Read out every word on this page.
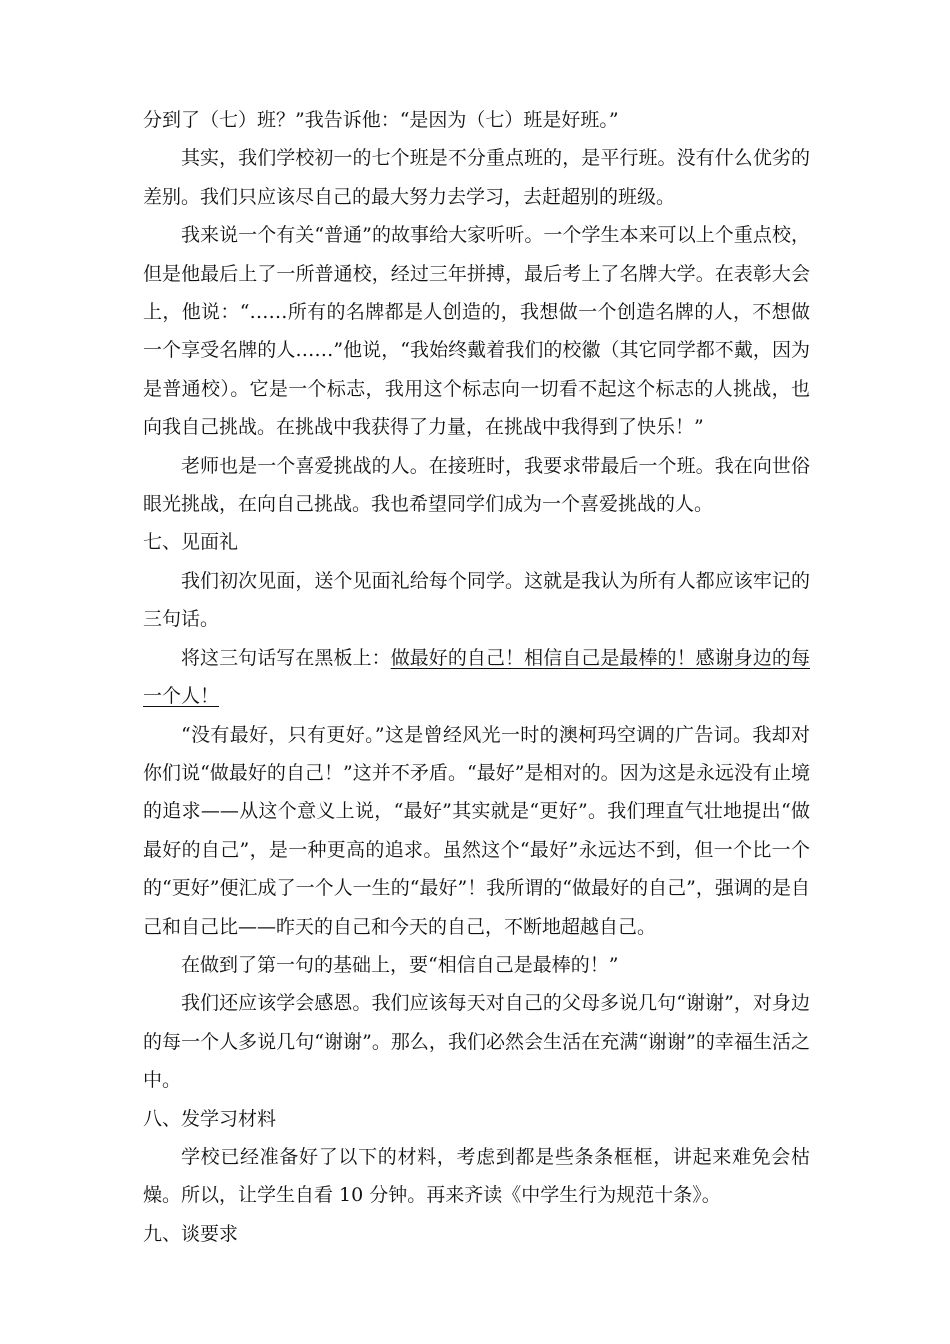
分到了（七）班？”我告诉他：“是因为（七）班是好班。”

其实，我们学校初一的七个班是不分重点班的，是平行班。没有什么优劣的差别。我们只应该尽自己的最大努力去学习，去赶超别的班级。

我来说一个有关“普通”的故事给大家听听。一个学生本来可以上个重点校，但是他最后上了一所普通校，经过三年拼搏，最后考上了名牌大学。在表彰大会上，他说：“……所有的名牌都是人创造的，我想做一个创造名牌的人，不想做一个享受名牌的人……”他说，“我始终戴着我们的校徽（其它同学都不戴，因为是普通校）。它是一个标志，我用这个标志向一切看不起这个标志的人挑战，也向我自己挑战。在挑战中我获得了力量，在挑战中我得到了快乐！”

老师也是一个喜爱挑战的人。在接班时，我要求带最后一个班。我在向世俗眼光挑战，在向自己挑战。我也希望同学们成为一个喜爱挑战的人。

七、见面礼

我们初次见面，送个见面礼给每个同学。这就是我认为所有人都应该牢记的三句话。

将这三句话写在黑板上：做最好的自己！相信自己是最棒的！感谢身边的每一个人！

“没有最好，只有更好。”这是曾经风光一时的澳柯玛空调的广告词。我却对你们说“做最好的自己！”这并不矛盾。“最好”是相对的。因为这是永远没有止境的追求——从这个意义上说，“最好”其实就是“更好”。我们理直气壮地提出“做最好的自己”，是一种更高的追求。虽然这个“最好”永远达不到，但一个比一个的“更好”便汇成了一个人一生的“最好”！我所谓的“做最好的自己”，强调的是自己和自己比——昨天的自己和今天的自己，不断地超越自己。

在做到了第一句的基础上，要“相信自己是最棒的！”

我们还应该学会感恩。我们应该每天对自己的父母多说几句“谢谢”，对身边的每一个人多说几句“谢谢”。那么，我们必然会生活在充满“谢谢”的幸福生活之中。

八、发学习材料

学校已经准备好了以下的材料，考虑到都是些条条框框，讲起来难免会枯燥。所以，让学生自看 10 分钟。再来齐读《中学生行为规范十条》。

九、谈要求
